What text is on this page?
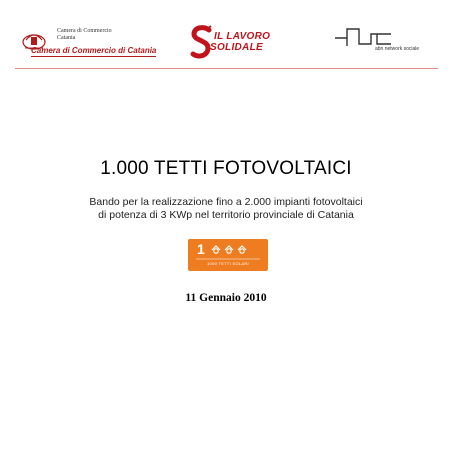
Camera di Commercio
Catania
Camera di Commercio di Catania
IL LAVORO
SOLIDALE	abn network sociale
1.000 TETTI FOTOVOLTAICI
Bando per la realizzazione fino a 2.000 impianti fotovoltaici
di potenza di 3 KWp nel territorio provinciale di Catania
1
1000 TETTI SOLARI
11 Gennaio 2010
